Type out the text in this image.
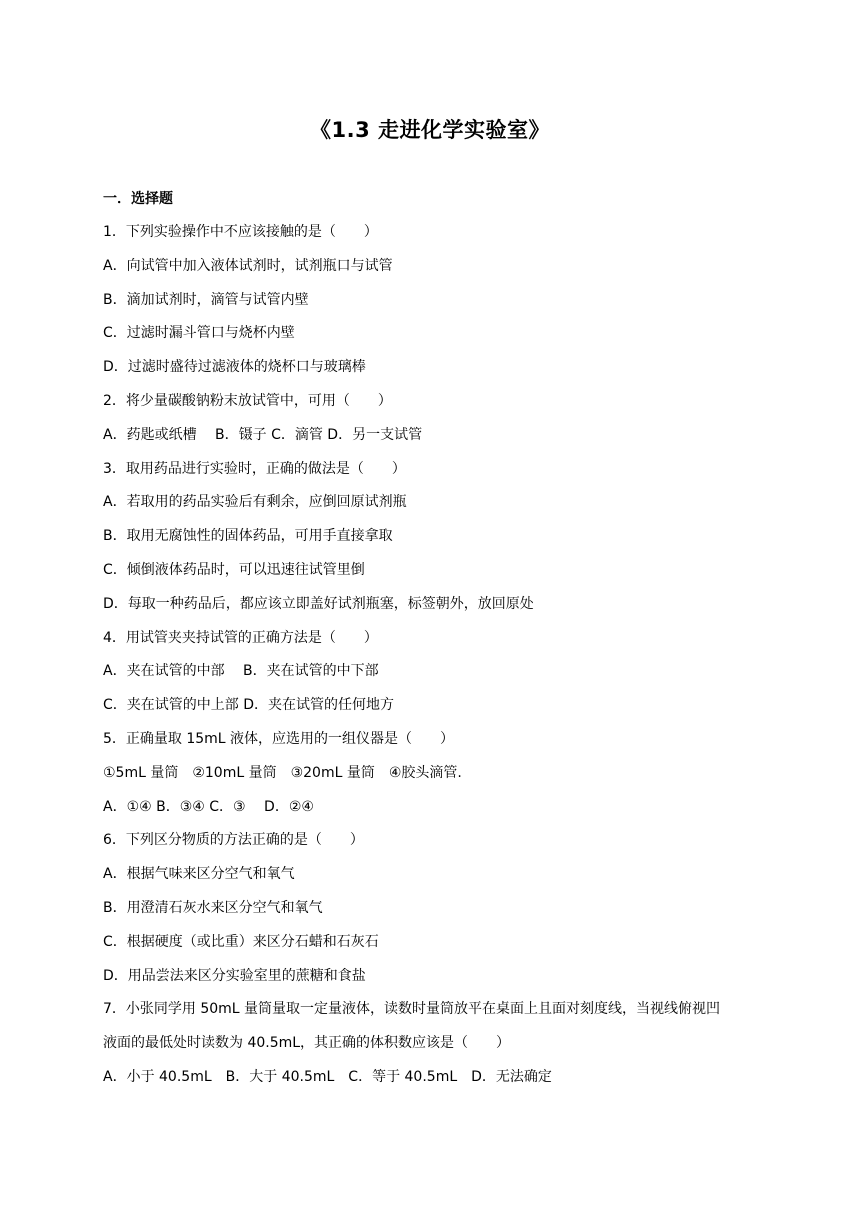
《1.3 走进化学实验室》
一．选择题
1．下列实验操作中不应该接触的是（　　）
A．向试管中加入液体试剂时，试剂瓶口与试管
B．滴加试剂时，滴管与试管内壁
C．过滤时漏斗管口与烧杯内壁
D．过滤时盛待过滤液体的烧杯口与玻璃棒
2．将少量碳酸钠粉末放试管中，可用（　　）
A．药匙或纸槽　 B．镊子 C．滴管 D．另一支试管
3．取用药品进行实验时，正确的做法是（　　）
A．若取用的药品实验后有剩余，应倒回原试剂瓶
B．取用无腐蚀性的固体药品，可用手直接拿取
C．倾倒液体药品时，可以迅速往试管里倒
D．每取一种药品后，都应该立即盖好试剂瓶塞，标签朝外，放回原处
4．用试管夹夹持试管的正确方法是（　　）
A．夹在试管的中部　 B．夹在试管的中下部
C．夹在试管的中上部 D．夹在试管的任何地方
5．正确量取 15mL 液体，应选用的一组仪器是（　　）
①5mL 量筒　②10mL 量筒　③20mL 量筒　④胶头滴管.
A．①④ B．③④ C．③　 D．②④
6．下列区分物质的方法正确的是（　　）
A．根据气味来区分空气和氧气
B．用澄清石灰水来区分空气和氧气
C．根据硬度（或比重）来区分石蜡和石灰石
D．用品尝法来区分实验室里的蔗糖和食盐
7．小张同学用 50mL 量筒量取一定量液体，读数时量筒放平在桌面上且面对刻度线，当视线俯视凹
液面的最低处时读数为 40.5mL，其正确的体积数应该是（　　）
A．小于 40.5mL　B．大于 40.5mL　C．等于 40.5mL　D．无法确定
